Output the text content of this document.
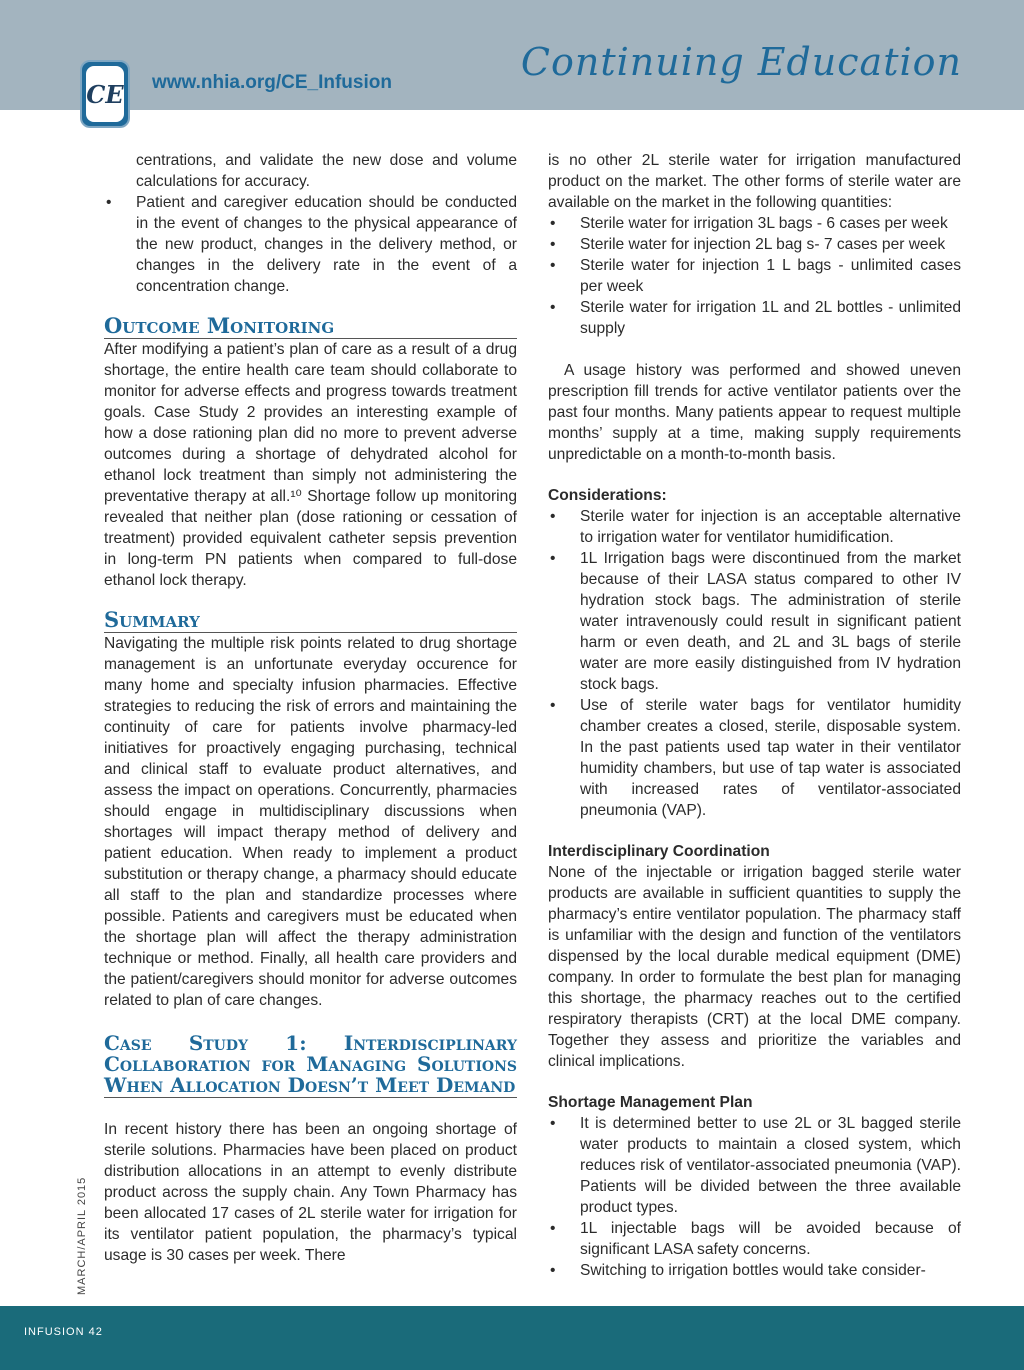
CE www.nhia.org/CE_Infusion	Continuing Education

centrations, and validate the new dose and volume calculations for accuracy.

• Patient and caregiver education should be conducted in the event of changes to the physical appearance of the new product, changes in the delivery method, or changes in the delivery rate in the event of a concentration change.
Outcome Monitoring

After modifying a patient’s plan of care as a result of a drug shortage, the entire health care team should collaborate to monitor for adverse effects and progress towards treatment goals. Case Study 2 provides an interesting example of how a dose rationing plan did no more to prevent adverse outcomes during a shortage of dehydrated alcohol for ethanol lock treatment than simply not administering the preventative therapy at all.¹⁰ Shortage follow up monitoring revealed that neither plan (dose rationing or cessation of treatment) provided equivalent catheter sepsis prevention in long-term PN patients when compared to full-dose ethanol lock therapy.

Summary

Navigating the multiple risk points related to drug shortage management is an unfortunate everyday occurence for many home and specialty infusion pharmacies. Effective strategies to reducing the risk of errors and maintaining the continuity of care for patients involve pharmacy-led initiatives for proactively engaging purchasing, technical and clinical staff to evaluate product alternatives, and assess the impact on operations. Concurrently, pharmacies should engage in multidisciplinary discussions when shortages will impact therapy method of delivery and patient education. When ready to implement a product substitution or therapy change, a pharmacy should educate all staff to the plan and standardize processes where possible. Patients and caregivers must be educated when the shortage plan will affect the therapy administration technique or method. Finally, all health care providers and the patient/caregivers should monitor for adverse outcomes related to plan of care changes.

Case Study 1: Interdisciplinary Collaboration for Managing Solutions When Allocation Doesn’t Meet Demand

In recent history there has been an ongoing shortage of sterile solutions. Pharmacies have been placed on product distribution allocations in an attempt to evenly distribute product across the supply chain. Any Town Pharmacy has been allocated 17 cases of 2L sterile water for irrigation for its ventilator patient population, the pharmacy’s typical usage is 30 cases per week. There

is no other 2L sterile water for irrigation manufactured product on the market. The other forms of sterile water are available on the market in the following quantities:

• Sterile water for irrigation 3L bags - 6 cases per week
• Sterile water for injection 2L bag s- 7 cases per week
• Sterile water for injection 1 L bags - unlimited cases per week
• Sterile water for irrigation 1L and 2L bottles - unlimited supply

A usage history was performed and showed uneven prescription fill trends for active ventilator patients over the past four months. Many patients appear to request multiple months’ supply at a time, making supply requirements unpredictable on a month-to-month basis.

Considerations:
• Sterile water for injection is an acceptable alternative to irrigation water for ventilator humidification.
• 1L Irrigation bags were discontinued from the market because of their LASA status compared to other IV hydration stock bags. The administration of sterile water intravenously could result in significant patient harm or even death, and 2L and 3L bags of sterile water are more easily distinguished from IV hydration stock bags.
• Use of sterile water bags for ventilator humidity chamber creates a closed, sterile, disposable system. In the past patients used tap water in their ventilator humidity chambers, but use of tap water is associated with increased rates of ventilator-associated pneumonia (VAP).
Interdisciplinary Coordination

None of the injectable or irrigation bagged sterile water products are available in sufficient quantities to supply the pharmacy’s entire ventilator population. The pharmacy staff is unfamiliar with the design and function of the ventilators dispensed by the local durable medical equipment (DME) company. In order to formulate the best plan for managing this shortage, the pharmacy reaches out to the certified respiratory therapists (CRT) at the local DME company. Together they assess and prioritize the variables and clinical implications.

Shortage Management Plan
• It is determined better to use 2L or 3L bagged sterile water products to maintain a closed system, which reduces risk of ventilator-associated pneumonia (VAP). Patients will be divided between the three available product types.
• 1L injectable bags will be avoided because of significant LASA safety concerns.
• Switching to irrigation bottles would take consider-
MARCH/APRIL 2015
INFUSION 42
